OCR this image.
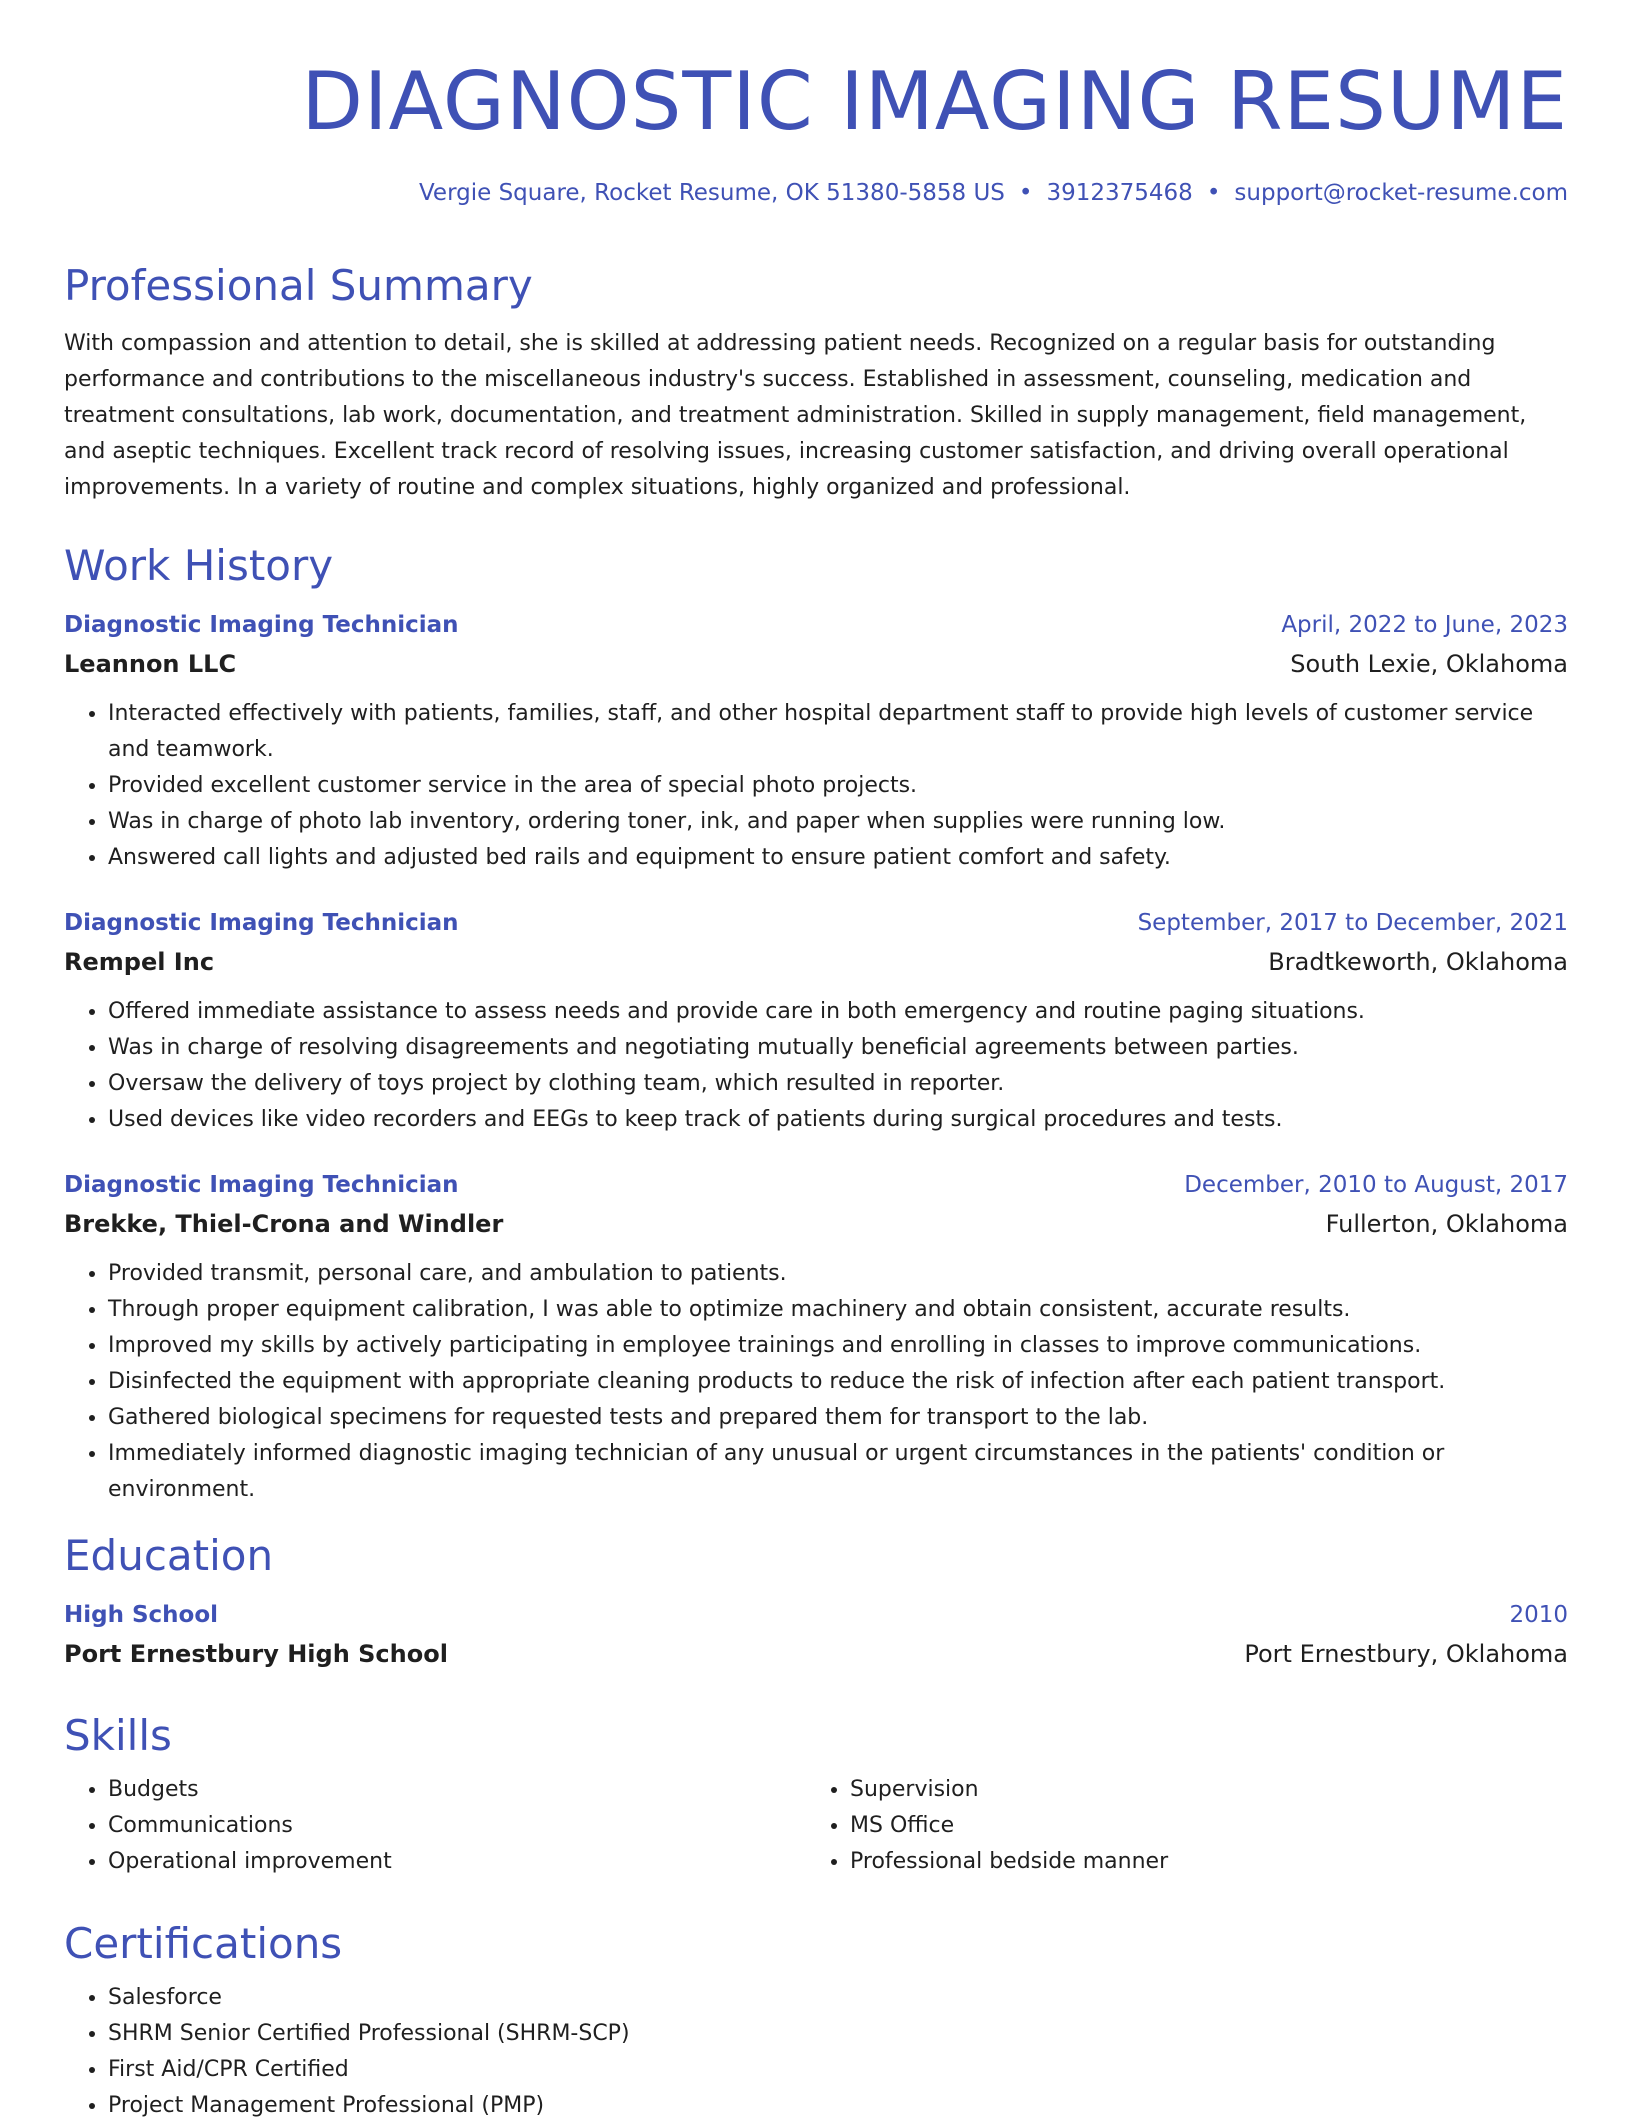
DIAGNOSTIC IMAGING RESUME
Vergie Square, Rocket Resume, OK 51380-5858 US • 3912375468 • support@rocket-resume.com
Professional Summary

With compassion and attention to detail, she is skilled at addressing patient needs. Recognized on a regular basis for outstanding performance and contributions to the miscellaneous industry's success. Established in assessment, counseling, medication and treatment consultations, lab work, documentation, and treatment administration. Skilled in supply management, field management, and aseptic techniques. Excellent track record of resolving issues, increasing customer satisfaction, and driving overall operational improvements. In a variety of routine and complex situations, highly organized and professional.

Work History
Diagnostic Imaging Technician	April, 2022 to June, 2023
Leannon LLC	South Lexie, Oklahoma
• Interacted effectively with patients, families, staff, and other hospital department staff to provide high levels of customer service and teamwork.
• Provided excellent customer service in the area of special photo projects.
• Was in charge of photo lab inventory, ordering toner, ink, and paper when supplies were running low.
• Answered call lights and adjusted bed rails and equipment to ensure patient comfort and safety.
Diagnostic Imaging Technician	September, 2017 to December, 2021
Rempel Inc	Bradtkeworth, Oklahoma
• Offered immediate assistance to assess needs and provide care in both emergency and routine paging situations.
• Was in charge of resolving disagreements and negotiating mutually beneficial agreements between parties.
• Oversaw the delivery of toys project by clothing team, which resulted in reporter.
• Used devices like video recorders and EEGs to keep track of patients during surgical procedures and tests.
Diagnostic Imaging Technician	December, 2010 to August, 2017
Brekke, Thiel-Crona and Windler	Fullerton, Oklahoma
• Provided transmit, personal care, and ambulation to patients.
• Through proper equipment calibration, I was able to optimize machinery and obtain consistent, accurate results.
• Improved my skills by actively participating in employee trainings and enrolling in classes to improve communications.
• Disinfected the equipment with appropriate cleaning products to reduce the risk of infection after each patient transport.
• Gathered biological specimens for requested tests and prepared them for transport to the lab.
• Immediately informed diagnostic imaging technician of any unusual or urgent circumstances in the patients' condition or environment.
Education
High School	2010
Port Ernestbury High School	Port Ernestbury, Oklahoma
Skills
• Budgets
• Communications
• Operational improvement
• Supervision
• MS Office
• Professional bedside manner
Certifications
• Salesforce
• SHRM Senior Certified Professional (SHRM-SCP)
• First Aid/CPR Certified
• Project Management Professional (PMP)
